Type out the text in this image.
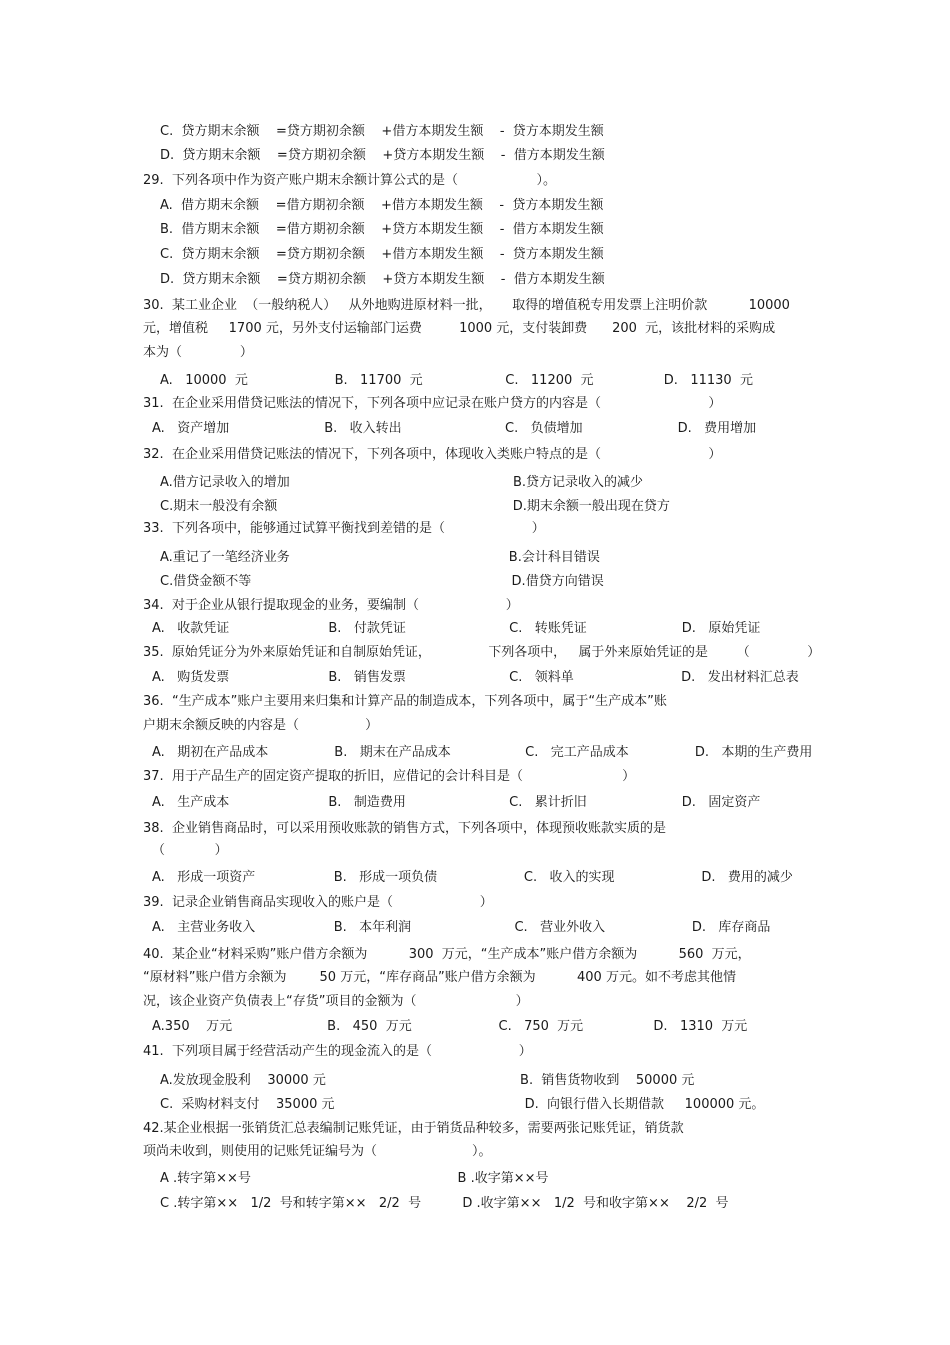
C.  贷方期末余额    =贷方期初余额    +借方本期发生额    -  贷方本期发生额
D.  贷方期末余额    =贷方期初余额    +贷方本期发生额    -  借方本期发生额
29.  下列各项中作为资产账户期末余额计算公式的是（                   ）。
A.  借方期末余额    =借方期初余额    +借方本期发生额    -  贷方本期发生额
B.  借方期末余额    =借方期初余额    +贷方本期发生额    -  借方本期发生额
C.  贷方期末余额    =贷方期初余额    +借方本期发生额    -  贷方本期发生额
D.  贷方期末余额    =贷方期初余额    +贷方本期发生额    -  借方本期发生额
30.  某工业企业  （一般纳税人）   从外地购进原材料一批，     取得的增值税专用发票上注明价款          10000
元，增值税     1700 元，另外支付运输部门运费         1000 元，支付装卸费      200  元，该批材料的采购成
本为（              ）
A.   10000  元                     B.   11700  元                    C.   11200  元                 D.   11130  元
31.  在企业采用借贷记账法的情况下，下列各项中应记录在账户贷方的内容是（                          ）
A.   资产增加                       B.   收入转出                         C.   负债增加                       D.   费用增加
32.  在企业采用借贷记账法的情况下，下列各项中，体现收入类账户特点的是（                          ）
A.借方记录收入的增加                                                      B.贷方记录收入的减少
C.期末一般没有余额                                                         D.期末余额一般出现在贷方
33.  下列各项中，能够通过试算平衡找到差错的是（                     ）
A.重记了一笔经济业务                                                     B.会计科目错误
C.借贷金额不等                                                               D.借贷方向错误
34.  对于企业从银行提取现金的业务，要编制（                     ）
A.   收款凭证                        B.   付款凭证                         C.   转账凭证                       D.   原始凭证
35.  原始凭证分为外来原始凭证和自制原始凭证，              下列各项中，   属于外来原始凭证的是       （              ）
A.   购货发票                        B.   销售发票                         C.   领料单                          D.   发出材料汇总表
36.  “生产成本”账户主要用来归集和计算产品的制造成本，下列各项中，属于“生产成本”账
户期末余额反映的内容是（                ）
A.   期初在产品成本                B.   期末在产品成本                  C.   完工产品成本                D.   本期的生产费用
37.  用于产品生产的固定资产提取的折旧，应借记的会计科目是（                        ）
A.   生产成本                        B.   制造费用                         C.   累计折旧                       D.   固定资产
38.  企业销售商品时，可以采用预收账款的销售方式，下列各项中，体现预收账款实质的是
（            ）
A.   形成一项资产                   B.   形成一项负债                     C.   收入的实现                     D.   费用的减少
39.  记录企业销售商品实现收入的账户是（                     ）
A.   主营业务收入                   B.   本年利润                         C.   营业外收入                     D.   库存商品
40.  某企业“材料采购”账户借方余额为          300  万元，“生产成本”账户借方余额为          560  万元，
“原材料”账户借方余额为        50 万元，“库存商品”账户借方余额为          400 万元。如不考虑其他情
况，该企业资产负债表上“存货”项目的金额为（                        ）
A.350    万元                       B.   450  万元                     C.   750  万元                 D.   1310  万元
41.  下列项目属于经营活动产生的现金流入的是（                     ）
A.发放现金股利    30000 元                                               B.  销售货物收到    50000 元
C.  采购材料支付    35000 元                                              D.  向银行借入长期借款     100000 元。
42.某企业根据一张销货汇总表编制记账凭证，由于销货品种较多，需要两张记账凭证，销货款
项尚未收到，则使用的记账凭证编号为（                       ）。
A .转字第××号                                                  B .收字第××号
C .转字第××   1/2  号和转字第××   2/2  号          D .收字第××   1/2  号和收字第××    2/2  号
